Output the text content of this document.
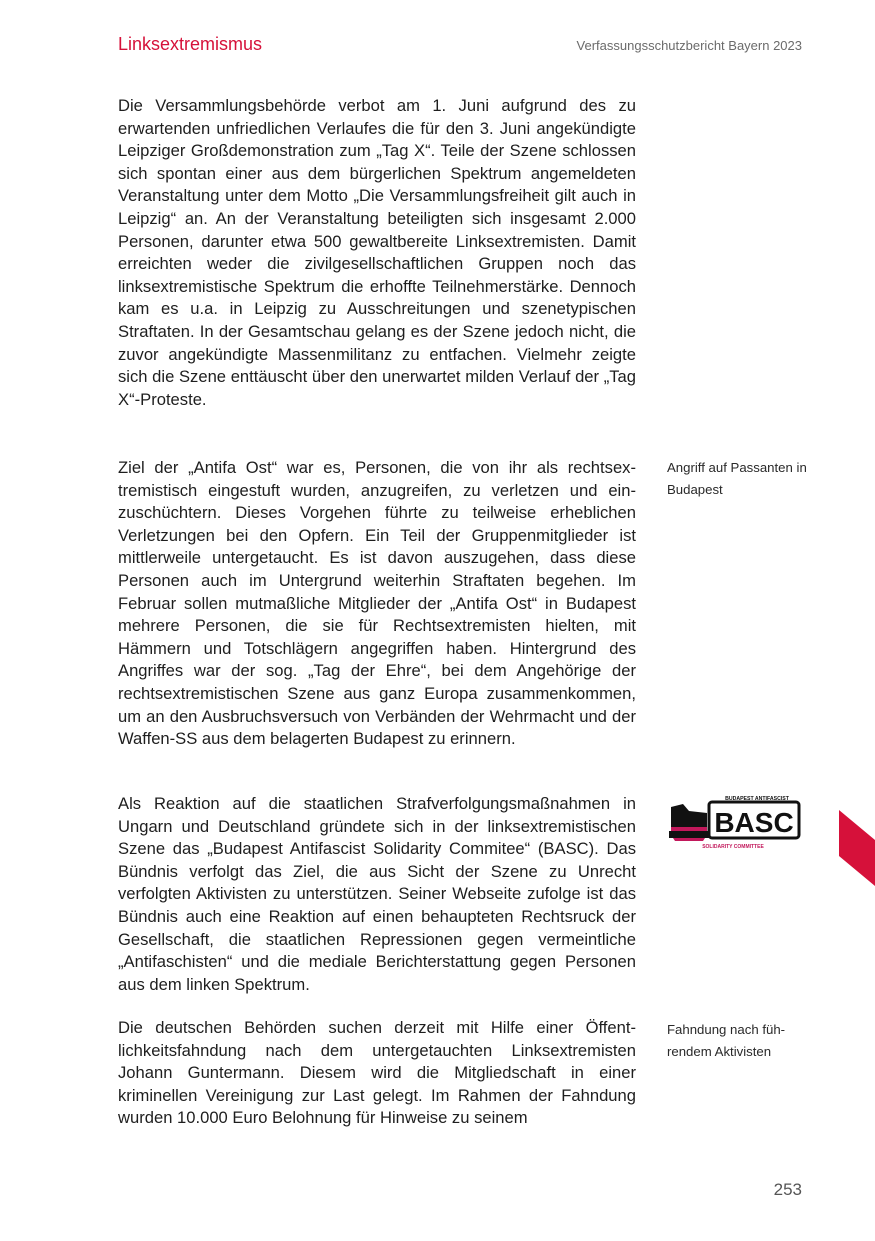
Linksextremismus	Verfassungsschutzbericht Bayern 2023

Die Versammlungsbehörde verbot am 1. Juni aufgrund des zu erwartenden unfriedlichen Verlaufes die für den 3. Juni angekündigte Leipziger Großdemonstration zum „Tag X“. Teile der Szene schlossen sich spontan einer aus dem bürgerlichen Spektrum angemeldeten Veranstaltung unter dem Motto „Die Versammlungsfreiheit gilt auch in Leipzig“ an. An der Veranstaltung beteiligten sich insgesamt 2.000 Personen, darunter etwa 500 gewaltbereite Linksextremisten. Damit erreichten weder die zivilgesellschaftlichen Gruppen noch das linksextremistische Spektrum die erhoffte Teilnehmerstärke. Dennoch kam es u.a. in Leipzig zu Ausschreitungen und szenetypischen Straftaten. In der Gesamtschau gelang es der Szene jedoch nicht, die zuvor angekündigte Massenmilitanz zu entfachen. Vielmehr zeigte sich die Szene enttäuscht über den unerwartet milden Verlauf der „Tag X“-Proteste.

Ziel der „Antifa Ost“ war es, Personen, die von ihr als rechtsextremistisch eingestuft wurden, anzugreifen, zu verletzen und einzuschüchtern. Dieses Vorgehen führte zu teilweise erheblichen Verletzungen bei den Opfern. Ein Teil der Gruppenmitglieder ist mittlerweile untergetaucht. Es ist davon auszugehen, dass diese Personen auch im Untergrund weiterhin Straftaten begehen. Im Februar sollen mutmaßliche Mitglieder der „Antifa Ost“ in Budapest mehrere Personen, die sie für Rechtsextremisten hielten, mit Hämmern und Totschlägern angegriffen haben. Hintergrund des Angriffes war der sog. „Tag der Ehre“, bei dem Angehörige der rechtsextremistischen Szene aus ganz Europa zusammenkommen, um an den Ausbruchsversuch von Verbänden der Wehrmacht und der Waffen-SS aus dem belagerten Budapest zu erinnern.

Als Reaktion auf die staatlichen Strafverfolgungsmaßnahmen in Ungarn und Deutschland gründete sich in der linksextremistischen Szene das „Budapest Antifascist Solidarity Commitee“ (BASC). Das Bündnis verfolgt das Ziel, die aus Sicht der Szene zu Unrecht verfolgten Aktivisten zu unterstützen. Seiner Webseite zufolge ist das Bündnis auch eine Reaktion auf einen behaupteten Rechtsruck der Gesellschaft, die staatlichen Repressionen gegen vermeintliche „Antifaschisten“ und die mediale Berichterstattung gegen Personen aus dem linken Spektrum.

Die deutschen Behörden suchen derzeit mit Hilfe einer Öffentlichkeitsfahndung nach dem untergetauchten Linksextremisten Johann Guntermann. Diesem wird die Mitgliedschaft in einer kriminellen Vereinigung zur Last gelegt. Im Rahmen der Fahndung wurden 10.000 Euro Belohnung für Hinweise zu seinem

Angriff auf Passanten in Budapest
Fahndung nach führendem Aktivisten
BUDAPEST ANTIFASCIST
BASC
SOLIDARITY COMMITTEE
253
